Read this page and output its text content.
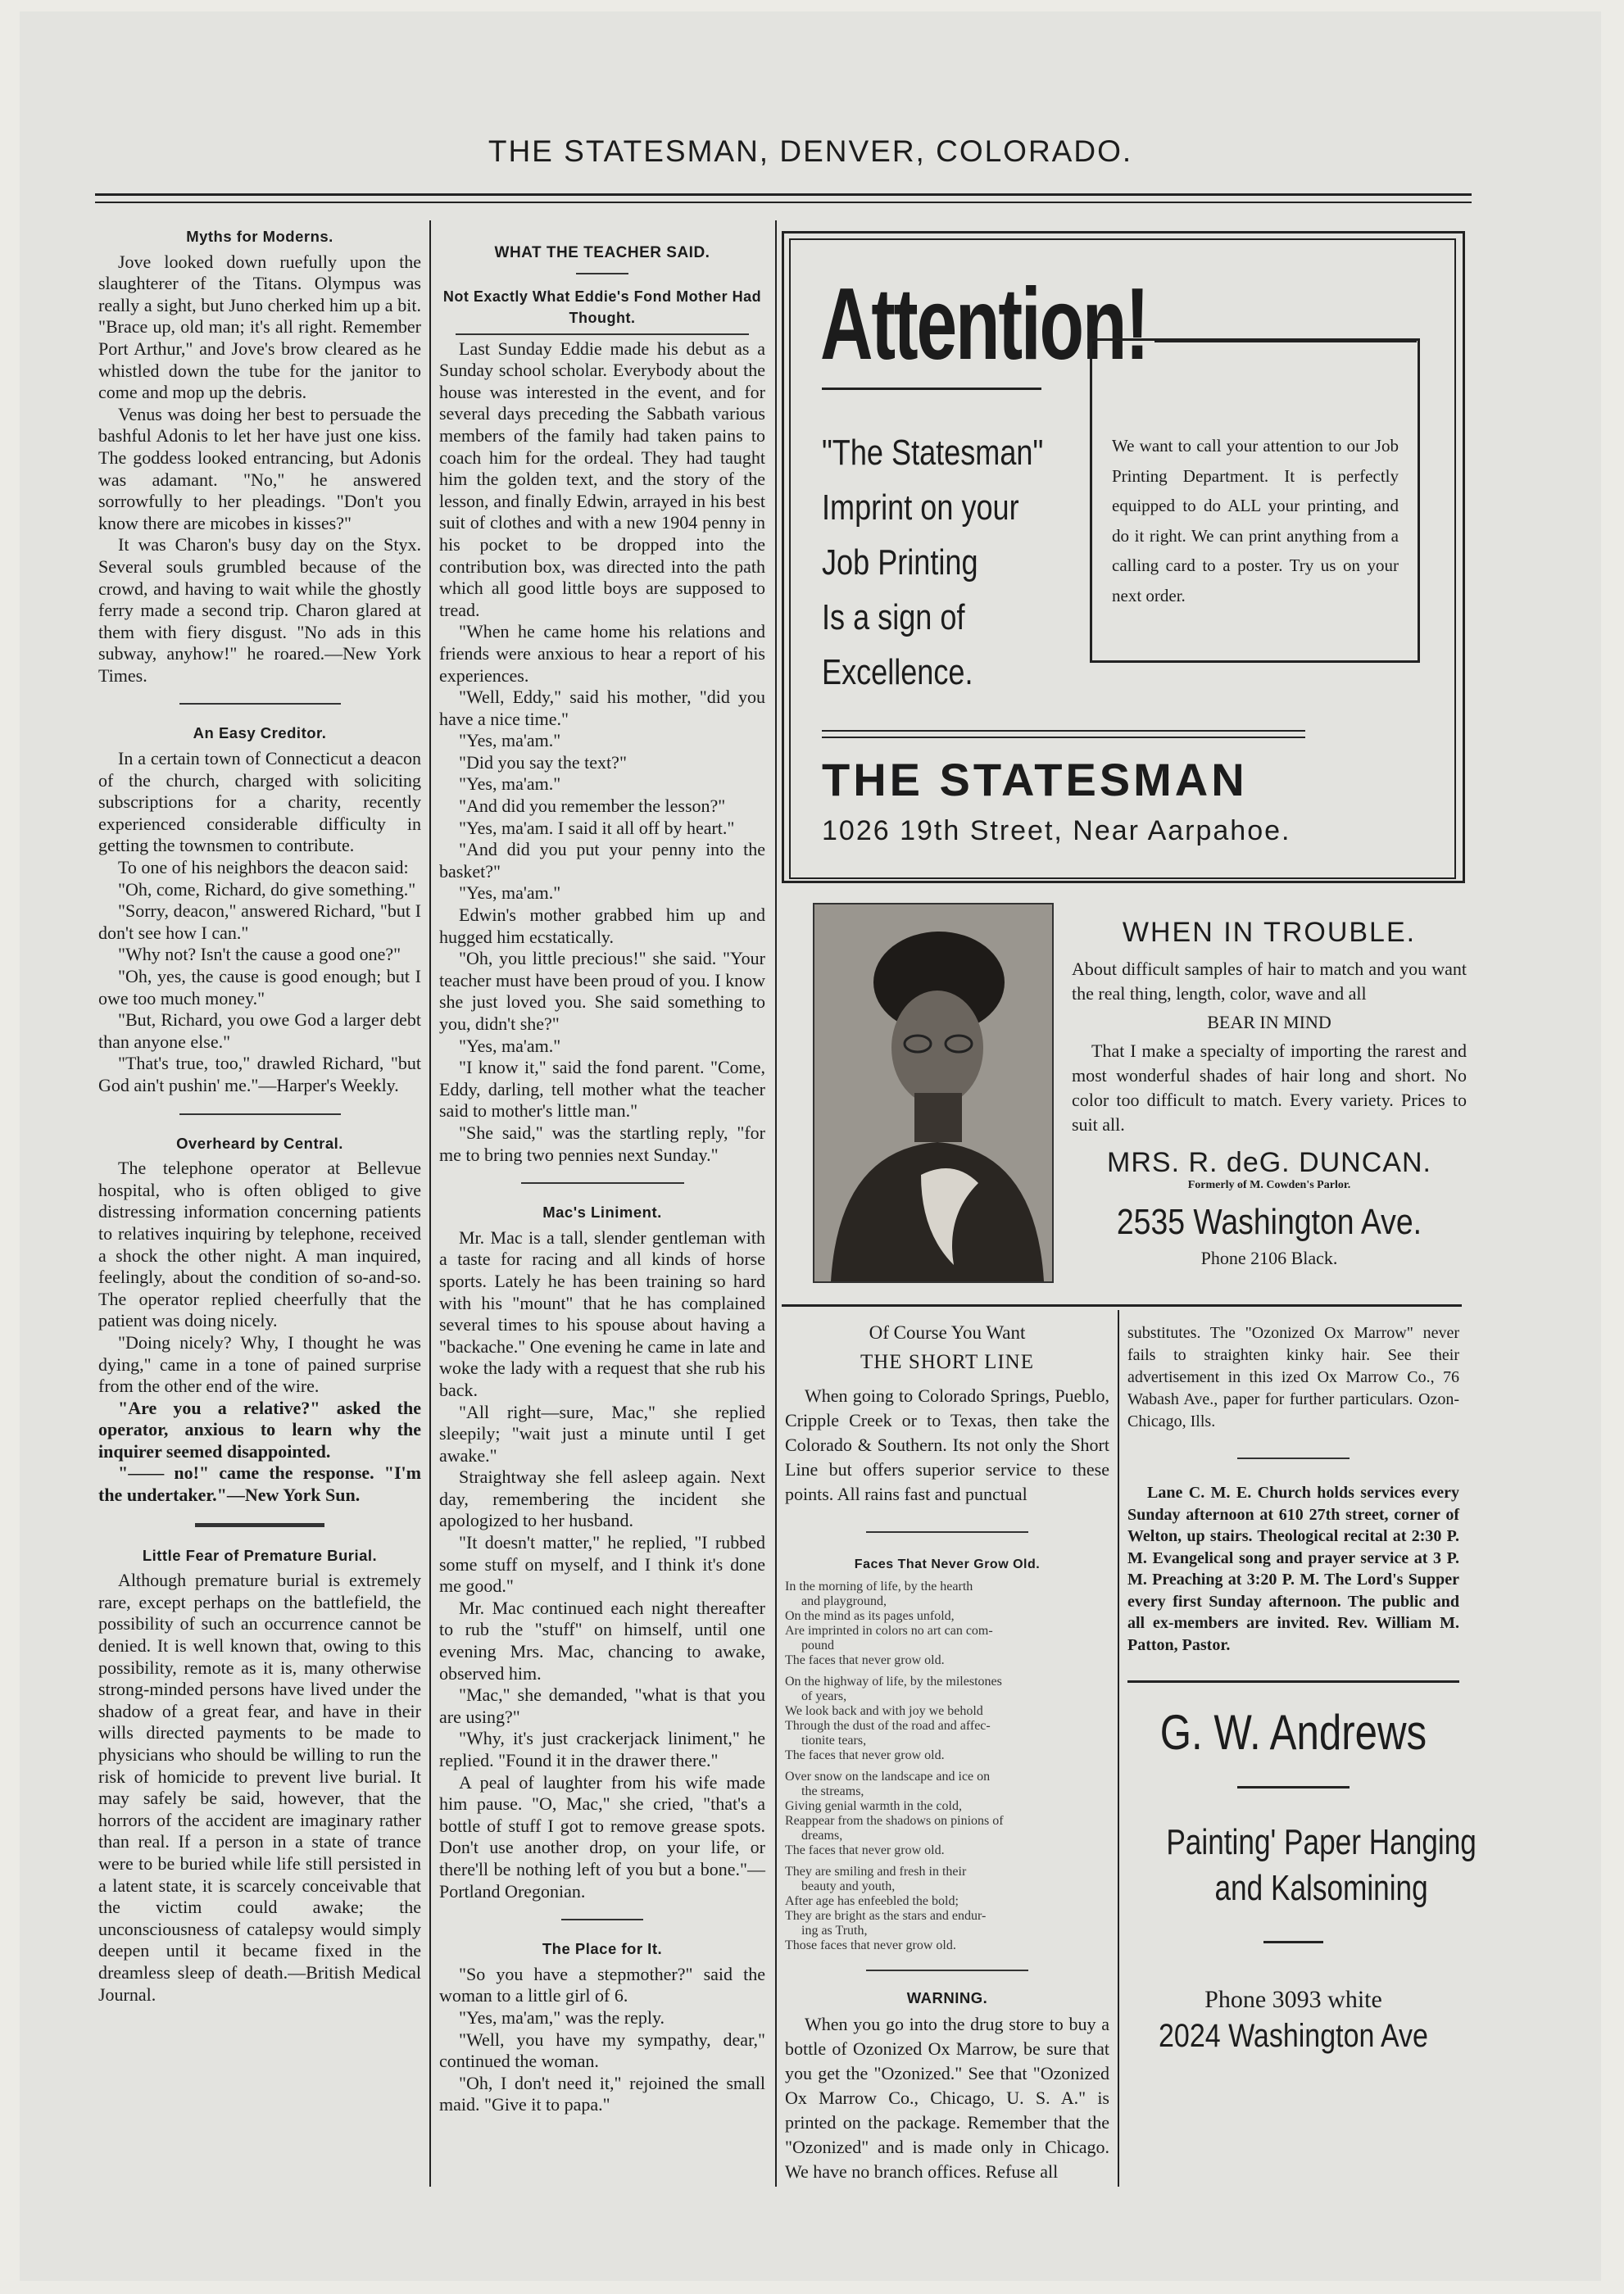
THE STATESMAN, DENVER, COLORADO.
Myths for Moderns.

Jove looked down ruefully upon the slaughterer of the Titans. Olympus was really a sight, but Juno cherked him up a bit. "Brace up, old man; it's all right. Remember Port Arthur," and Jove's brow cleared as he whistled down the tube for the janitor to come and mop up the debris.

Venus was doing her best to persuade the bashful Adonis to let her have just one kiss. The goddess looked entrancing, but Adonis was adamant. "No," he answered sorrowfully to her pleadings. "Don't you know there are micobes in kisses?"

It was Charon's busy day on the Styx. Several souls grumbled because of the crowd, and having to wait while the ghostly ferry made a second trip. Charon glared at them with fiery disgust. "No ads in this subway, anyhow!" he roared.—New York Times.

An Easy Creditor.

In a certain town of Connecticut a deacon of the church, charged with soliciting subscriptions for a charity, recently experienced considerable difficulty in getting the townsmen to contribute.

To one of his neighbors the deacon said:

"Oh, come, Richard, do give something."

"Sorry, deacon," answered Richard, "but I don't see how I can."

"Why not? Isn't the cause a good one?"

"Oh, yes, the cause is good enough; but I owe too much money."

"But, Richard, you owe God a larger debt than anyone else."

"That's true, too," drawled Richard, "but God ain't pushin' me."—Harper's Weekly.

Overheard by Central.

The telephone operator at Bellevue hospital, who is often obliged to give distressing information concerning patients to relatives inquiring by telephone, received a shock the other night. A man inquired, feelingly, about the condition of so-and-so. The operator replied cheerfully that the patient was doing nicely.

"Doing nicely? Why, I thought he was dying," came in a tone of pained surprise from the other end of the wire.

"Are you a relative?" asked the operator, anxious to learn why the inquirer seemed disappointed.

"—— no!" came the response. "I'm the undertaker."—New York Sun.

Little Fear of Premature Burial.

Although premature burial is extremely rare, except perhaps on the battlefield, the possibility of such an occurrence cannot be denied. It is well known that, owing to this possibility, remote as it is, many otherwise strong-minded persons have lived under the shadow of a great fear, and have in their wills directed payments to be made to physicians who should be willing to run the risk of homicide to prevent live burial. It may safely be said, however, that the horrors of the accident are imaginary rather than real. If a person in a state of trance were to be buried while life still persisted in a latent state, it is scarcely conceivable that the victim could awake; the unconsciousness of catalepsy would simply deepen until it became fixed in the dreamless sleep of death.—British Medical Journal.

WHAT THE TEACHER SAID.
Not Exactly What Eddie's Fond Mother Had Thought.

Last Sunday Eddie made his debut as a Sunday school scholar. Everybody about the house was interested in the event, and for several days preceding the Sabbath various members of the family had taken pains to coach him for the ordeal. They had taught him the golden text, and the story of the lesson, and finally Edwin, arrayed in his best suit of clothes and with a new 1904 penny in his pocket to be dropped into the contribution box, was directed into the path which all good little boys are supposed to tread.

"When he came home his relations and friends were anxious to hear a report of his experiences.

"Well, Eddy," said his mother, "did you have a nice time."

"Yes, ma'am."

"Did you say the text?"

"Yes, ma'am."

"And did you remember the lesson?"

"Yes, ma'am. I said it all off by heart."

"And did you put your penny into the basket?"

"Yes, ma'am."

Edwin's mother grabbed him up and hugged him ecstatically.

"Oh, you little precious!" she said. "Your teacher must have been proud of you. I know she just loved you. She said something to you, didn't she?"

"Yes, ma'am."

"I know it," said the fond parent. "Come, Eddy, darling, tell mother what the teacher said to mother's little man."

"She said," was the startling reply, "for me to bring two pennies next Sunday."

Mac's Liniment.

Mr. Mac is a tall, slender gentleman with a taste for racing and all kinds of horse sports. Lately he has been training so hard with his "mount" that he has complained several times to his spouse about having a "backache." One evening he came in late and woke the lady with a request that she rub his back.

"All right—sure, Mac," she replied sleepily; "wait just a minute until I get awake."

Straightway she fell asleep again. Next day, remembering the incident she apologized to her husband.

"It doesn't matter," he replied, "I rubbed some stuff on myself, and I think it's done me good."

Mr. Mac continued each night thereafter to rub the "stuff" on himself, until one evening Mrs. Mac, chancing to awake, observed him.

"Mac," she demanded, "what is that you are using?"

"Why, it's just crackerjack liniment," he replied. "Found it in the drawer there."

A peal of laughter from his wife made him pause. "O, Mac," she cried, "that's a bottle of stuff I got to remove grease spots. Don't use another drop, on your life, or there'll be nothing left of you but a bone."—Portland Oregonian.

The Place for It.

"So you have a stepmother?" said the woman to a little girl of 6.

"Yes, ma'am," was the reply.

"Well, you have my sympathy, dear," continued the woman.

"Oh, I don't need it," rejoined the small maid. "Give it to papa."

Attention!
"The Statesman"
Imprint on your
Job Printing
Is a sign of
Excellence.
We want to call your attention to our Job Printing Department. It is perfectly equipped to do ALL your printing, and do it right. We can print anything from a calling card to a poster. Try us on your next order.
THE STATESMAN
1026 19th Street, Near Aarpahoe.
WHEN IN TROUBLE.
About difficult samples of hair to match and you want the real thing, length, color, wave and all
BEAR IN MIND
That I make a specialty of importing the rarest and most wonderful shades of hair long and short. No color too difficult to match. Every variety. Prices to suit all.
MRS. R. deG. DUNCAN.
Formerly of M. Cowden's Parlor.
2535 Washington Ave.
Phone 2106 Black.
Of Course You Want
THE SHORT LINE

When going to Colorado Springs, Pueblo, Cripple Creek or to Texas, then take the Colorado & Southern. Its not only the Short Line but offers superior service to these points. All rains fast and punctual

Faces That Never Grow Old.
In the morning of life, by the hearth
and playground,
On the mind as its pages unfold,
Are imprinted in colors no art can com-
pound
The faces that never grow old.
On the highway of life, by the milestones
of years,
We look back and with joy we behold
Through the dust of the road and affec-
tionite tears,
The faces that never grow old.
Over snow on the landscape and ice on
the streams,
Giving genial warmth in the cold,
Reappear from the shadows on pinions of
dreams,
The faces that never grow old.
They are smiling and fresh in their
beauty and youth,
After age has enfeebled the bold;
They are bright as the stars and endur-
ing as Truth,
Those faces that never grow old.
WARNING.

When you go into the drug store to buy a bottle of Ozonized Ox Marrow, be sure that you get the "Ozonized." See that "Ozonized Ox Marrow Co., Chicago, U. S. A." is printed on the package. Remember that the "Ozonized" and is made only in Chicago. We have no branch offices. Refuse all

substitutes. The "Ozonized Ox Marrow" never fails to straighten kinky hair. See their advertisement in this ized Ox Marrow Co., 76 Wabash Ave., paper for further particulars. Ozon- Chicago, Ills.

Lane C. M. E. Church holds services every Sunday afternoon at 610 27th street, corner of Welton, up stairs. Theological recital at 2:30 P. M. Evangelical song and prayer service at 3 P. M. Preaching at 3:20 P. M. The Lord's Supper every first Sunday afternoon. The public and all ex-members are invited. Rev. William M. Patton, Pastor.

G. W. Andrews
Painting' Paper Hanging
and Kalsomining
Phone 3093 white
2024 Washington Ave
